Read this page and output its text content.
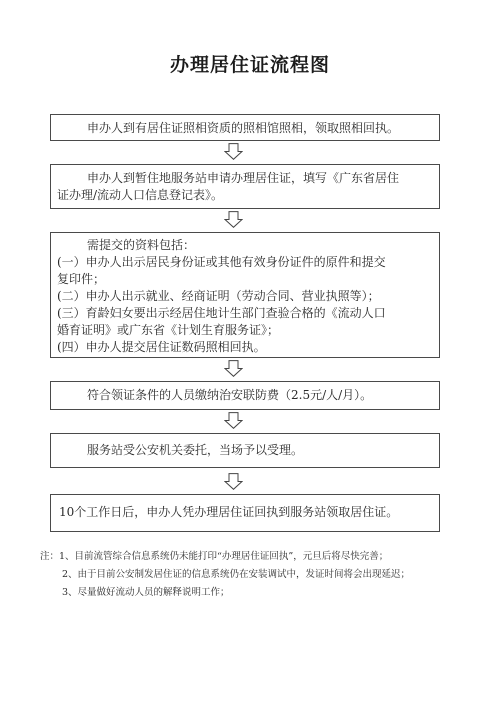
办理居住证流程图
申办人到有居住证照相资质的照相馆照相，领取照相回执。
申办人到暂住地服务站申请办理居住证，填写《广东省居住
证办理/流动人口信息登记表》。
需提交的资料包括：
(一）申办人出示居民身份证或其他有效身份证件的原件和提交
复印件；
(二）申办人出示就业、经商证明（劳动合同、营业执照等）；
(三）育龄妇女要出示经居住地计生部门查验合格的《流动人口
婚育证明》或广东省《计划生育服务证》；
(四）申办人提交居住证数码照相回执。
符合领证条件的人员缴纳治安联防费（2.5元/人/月）。
服务站受公安机关委托，当场予以受理。
10个工作日后，申办人凭办理居住证回执到服务站领取居住证。
注：1、目前流管综合信息系统仍未能打印“办理居住证回执”，元旦后将尽快完善；
2、由于目前公安制发居住证的信息系统仍在安装调试中，发证时间将会出现延迟；
3、尽量做好流动人员的解释说明工作；
